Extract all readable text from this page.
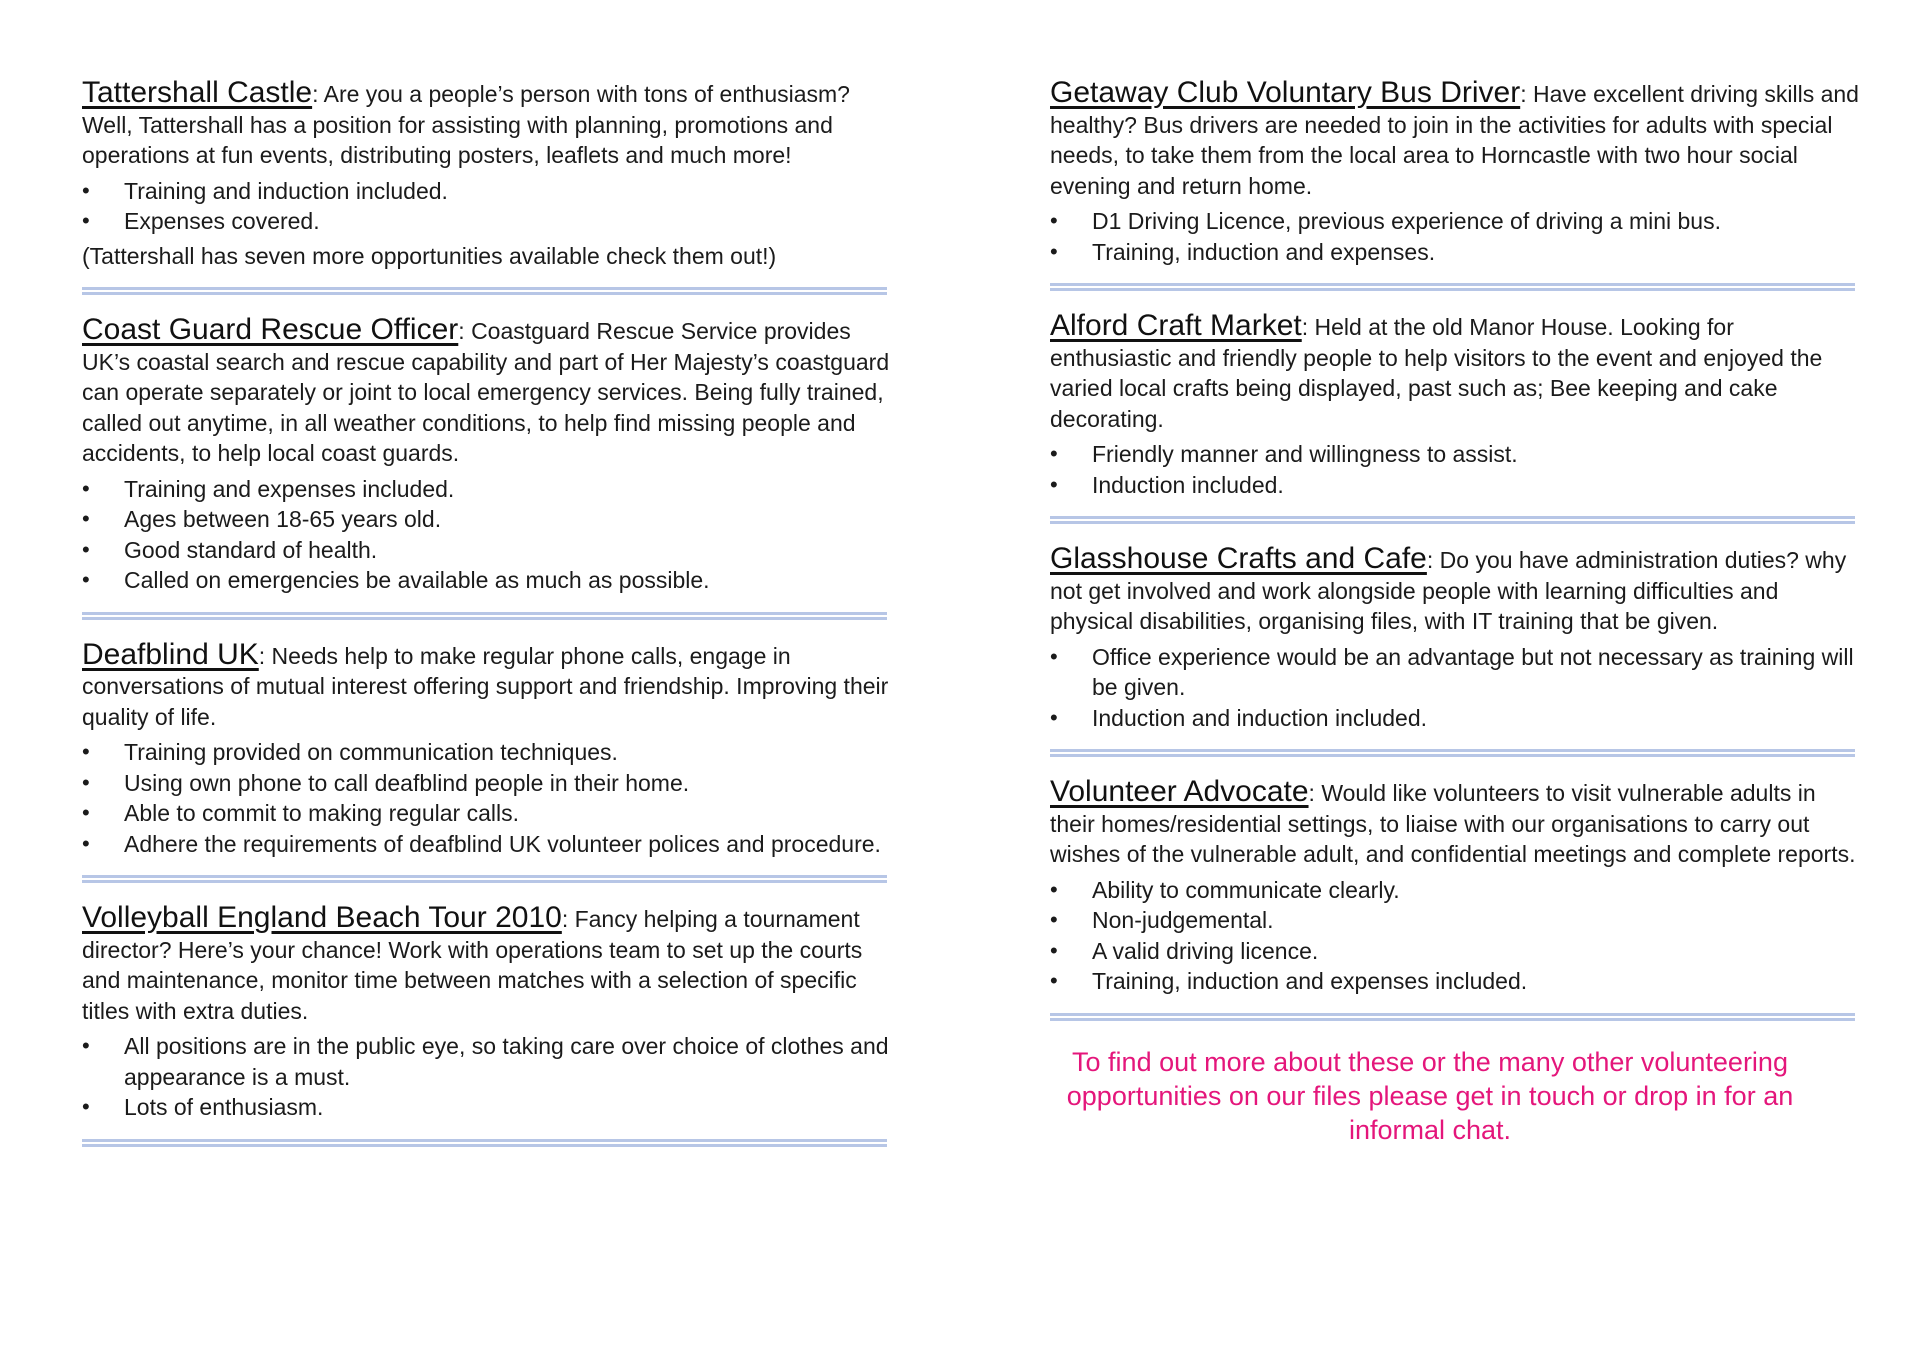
Tattershall Castle: Are you a people’s person with tons of enthusiasm? Well, Tattershall has a position for assisting with planning, promotions and operations at fun events, distributing posters, leaflets and much more!

• Training and induction included.
• Expenses covered.

(Tattershall has seven more opportunities available check them out!)

Coast Guard Rescue Officer: Coastguard Rescue Service provides UK’s coastal search and rescue capability and part of Her Majesty’s coastguard can operate separately or joint to local emergency services. Being fully trained, called out anytime, in all weather conditions, to help find missing people and accidents, to help local coast guards.

• Training and expenses included.
• Ages between 18-65 years old.
• Good standard of health.
• Called on emergencies be available as much as possible.

Deafblind UK: Needs help to make regular phone calls, engage in conversations of mutual interest offering support and friendship. Improving their quality of life.

• Training provided on communication techniques.
• Using own phone to call deafblind people in their home.
• Able to commit to making regular calls.
• Adhere the requirements of deafblind UK volunteer polices and procedure.

Volleyball England Beach Tour 2010: Fancy helping a tournament director? Here’s your chance! Work with operations team to set up the courts and maintenance, monitor time between matches with a selection of specific titles with extra duties.

• All positions are in the public eye, so taking care over choice of clothes and appearance is a must.
• Lots of enthusiasm.

Getaway Club Voluntary Bus Driver: Have excellent driving skills and healthy? Bus drivers are needed to join in the activities for adults with special needs, to take them from the local area to Horncastle with two hour social evening and return home.

• D1 Driving Licence, previous experience of driving a mini bus.
• Training, induction and expenses.

Alford Craft Market: Held at the old Manor House. Looking for enthusiastic and friendly people to help visitors to the event and enjoyed the varied local crafts being displayed, past such as; Bee keeping and cake decorating.

• Friendly manner and willingness to assist.
• Induction included.

Glasshouse Crafts and Cafe: Do you have administration duties? why not get involved and work alongside people with learning difficulties and physical disabilities, organising files, with IT training that be given.

• Office experience would be an advantage but not necessary as training will be given.
• Induction and induction included.

Volunteer Advocate: Would like volunteers to visit vulnerable adults in their homes/residential settings, to liaise with our organisations to carry out wishes of the vulnerable adult, and confidential meetings and complete reports.

• Ability to communicate clearly.
• Non-judgemental.
• A valid driving licence.
• Training, induction and expenses included.

To find out more about these or the many other volunteering opportunities on our files please get in touch or drop in for an informal chat.
